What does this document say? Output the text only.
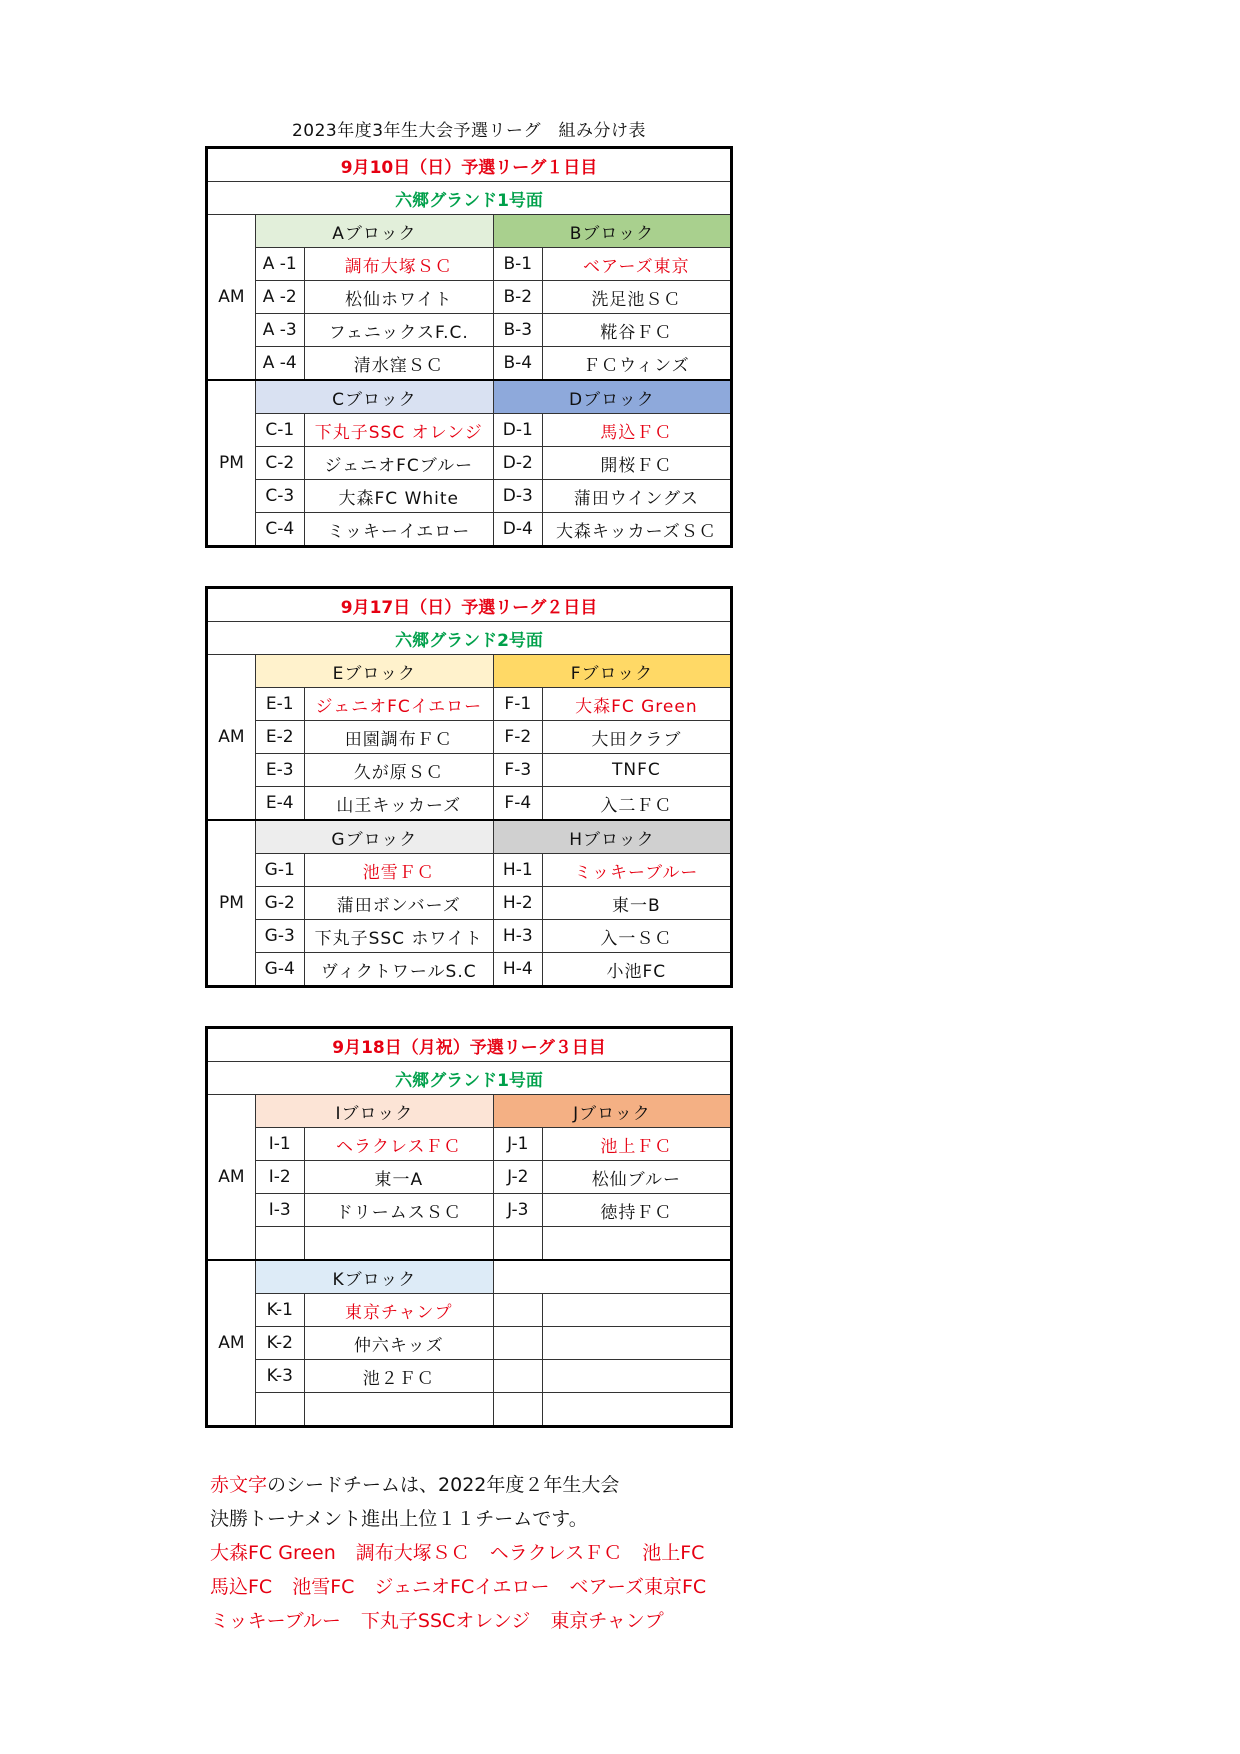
2023年度3年生大会予選リーグ　組み分け表
9月10日（日）予選リーグ１日目				
六郷グランド1号面				
AM	Aブロック		Bブロック	
	A -1	調布大塚ＳＣ	B-1	ベアーズ東京
	A -2	松仙ホワイト	B-2	洗足池ＳＣ
	A -3	フェニックスF.C.	B-3	糀谷ＦＣ
	A -4	清水窪ＳＣ	B-4	ＦＣウィンズ
PM	Cブロック		Dブロック	
	C-1	下丸子SSC オレンジ	D-1	馬込ＦＣ
	C-2	ジェニオFCブルー	D-2	開桜ＦＣ
	C-3	大森FC White	D-3	蒲田ウイングス
	C-4	ミッキーイエロー	D-4	大森キッカーズＳＣ
9月17日（日）予選リーグ２日目				
六郷グランド2号面				
AM	Eブロック		Fブロック	
	E-1	ジェニオFCイエロー	F-1	大森FC Green
	E-2	田園調布ＦＣ	F-2	大田クラブ
	E-3	久が原ＳＣ	F-3	TNFC
	E-4	山王キッカーズ	F-4	入二ＦＣ
PM	Gブロック		Hブロック	
	G-1	池雪ＦＣ	H-1	ミッキーブルー
	G-2	蒲田ボンバーズ	H-2	東一B
	G-3	下丸子SSC ホワイト	H-3	入一ＳＣ
	G-4	ヴィクトワールS.C	H-4	小池FC
9月18日（月祝）予選リーグ３日目				
六郷グランド1号面				
AM	Iブロック		Jブロック	
	I-1	ヘラクレスＦＣ	J-1	池上ＦＣ
	I-2	東一A	J-2	松仙ブルー
	I-3	ドリームスＳＣ	J-3	徳持ＦＣ

AM	Kブロック			
	K-1	東京チャンプ		
	K-2	仲六キッズ		
	K-3	池２ＦＣ		

赤文字のシードチームは、2022年度２年生大会
決勝トーナメント進出上位１１チームです。
大森FC Green 調布大塚ＳＣ ヘラクレスＦＣ 池上FC
馬込FC 池雪FC ジェニオFCイエロー ベアーズ東京FC
ミッキーブルー 下丸子SSCオレンジ 東京チャンプ
